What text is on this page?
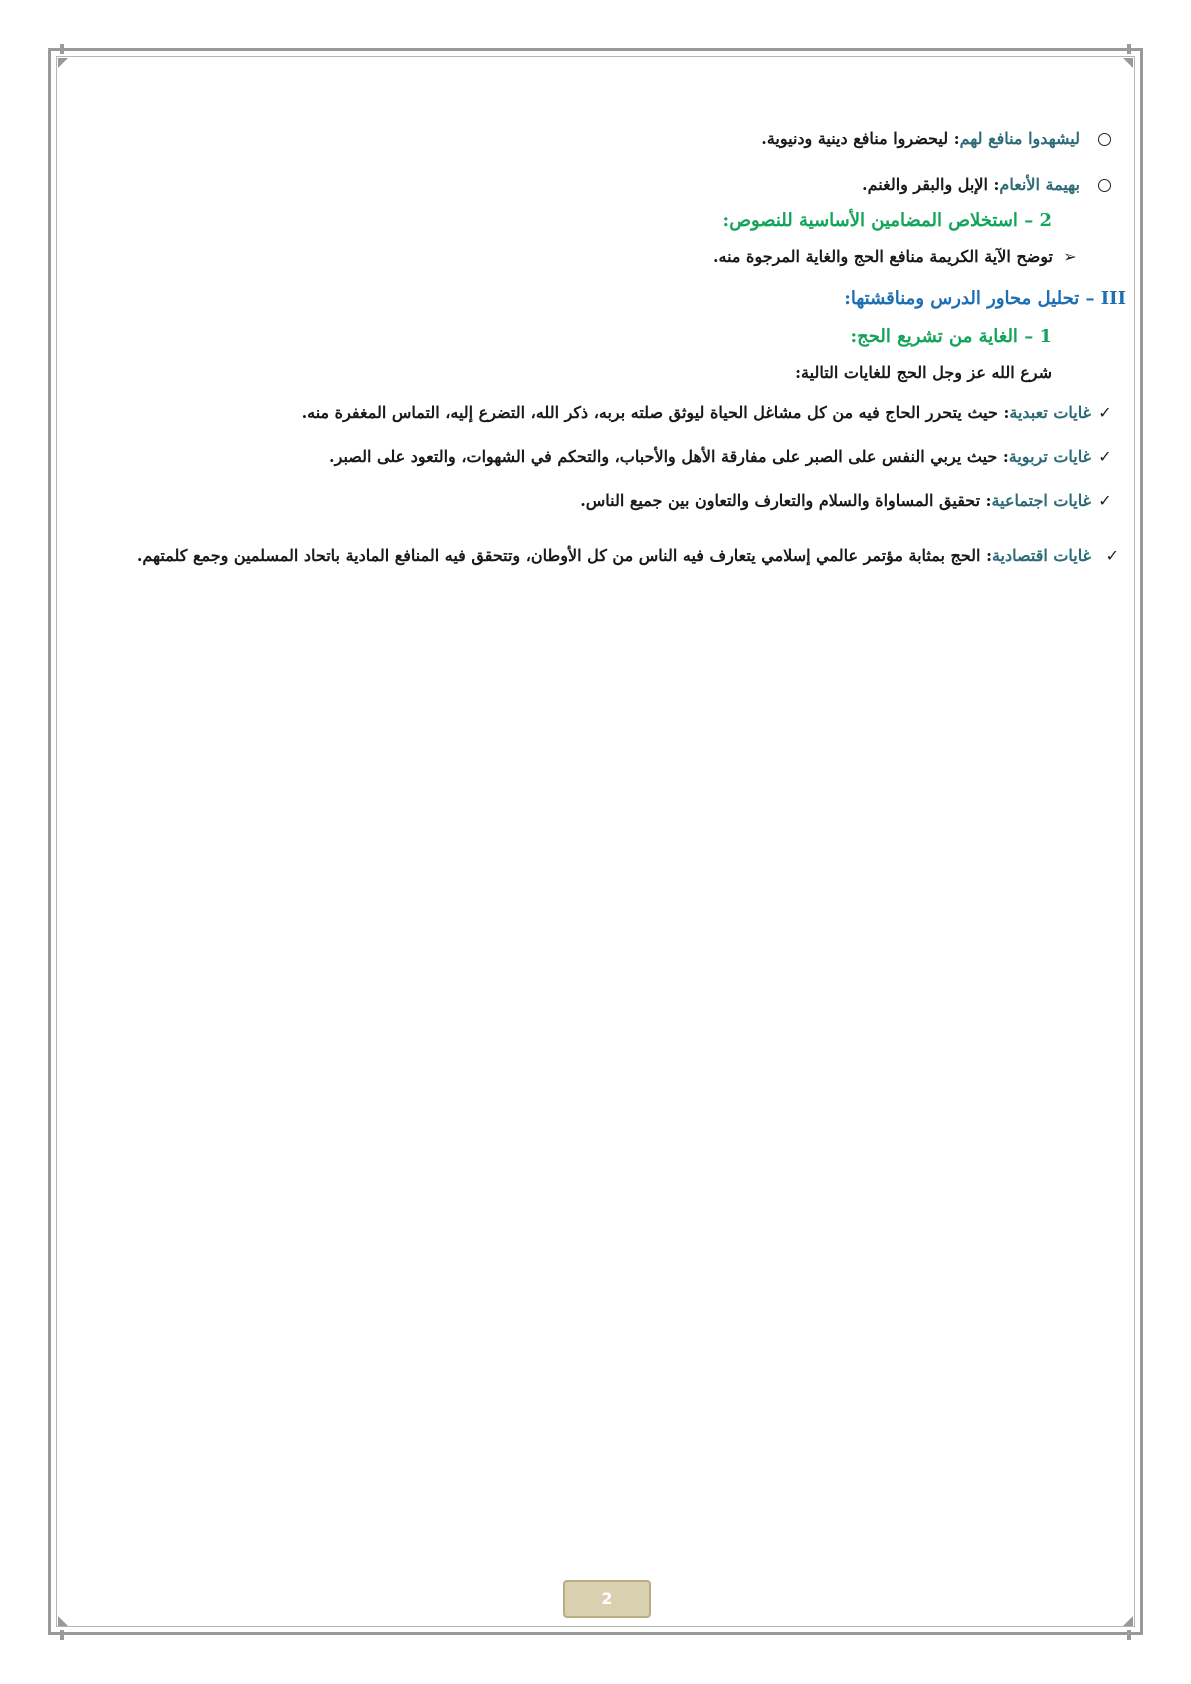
ليشهدوا منافع لهم: ليحضروا منافع دينية ودنيوية.
بهيمة الأنعام: الإبل والبقر والغنم.
2 – استخلاص المضامين الأساسية للنصوص:
➢توضح الآية الكريمة منافع الحج والغاية المرجوة منه.
III – تحليل محاور الدرس ومناقشتها:
1 – الغاية من تشريع الحج:
شرع الله عز وجل الحج للغايات التالية:
✓غايات تعبدية: حيث يتحرر الحاج فيه من كل مشاغل الحياة ليوثق صلته بربه، ذكر الله، التضرع إليه، التماس المغفرة منه.
✓غايات تربوية: حيث يربي النفس على الصبر على مفارقة الأهل والأحباب، والتحكم في الشهوات، والتعود على الصبر.
✓غايات اجتماعية: تحقيق المساواة والسلام والتعارف والتعاون بين جميع الناس.
✓
غايات اقتصادية: الحج بمثابة مؤتمر عالمي إسلامي يتعارف فيه الناس من كل الأوطان، وتتحقق فيه المنافع المادية باتحاد المسلمين وجمع كلمتهم.
2
